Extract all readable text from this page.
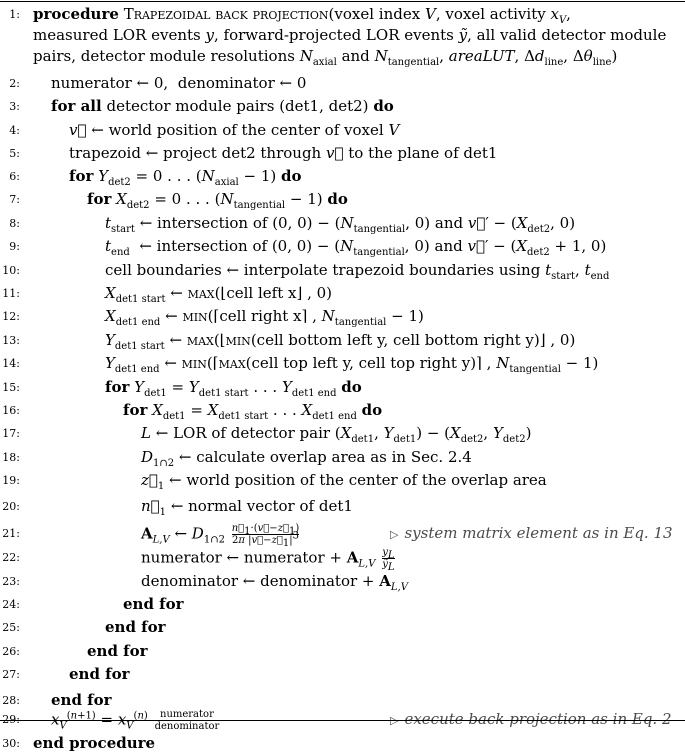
1: procedure Trapezoidal back projection(voxel index V, voxel activity $x_V$,
measured LOR events y, forward-projected LOR events ỹ, all valid detector module
pairs, detector module resolutions $N_{axial}$ and $N_{tangential}$, areaLUT, $\Delta d_{line}$, $\Delta\theta_{line}$)
2: numerator ← 0,  denominator ← 0
3: for all detector module pairs (det1, det2) do
4:	v⃗ ← world position of the center of voxel V
5:	trapezoid ← project det2 through v⃗ to the plane of det1
6:	for $Y_{det2} = 0$ . . . $(N_{axial} - 1)$ do
7:	for $X_{det2} = 0$ . . . $(N_{tangential} - 1)$ do
8:	$t_{start}$ ← intersection of (0, $0) - (N_{tangential}$, 0) and v⃗′ − ($X_{det2}$, 0)
9:	$t_{end}$  ← intersection of (0, $0) - (N_{tangential}$, 0) and v⃗′ − ($X_{det2} + 1$, 0)
10:	cell boundaries ← interpolate trapezoid boundaries using $t_{start}$, $t_{end}$
11:	$X_{det1 start}$ ← max(⌊cell left x⌋ , 0)
12:	$X_{det1 end}$ ← min(⌈cell right x⌉ , $N_{tangential} - 1$)
13:	$Y_{det1 start}$ ← max(⌊min(cell bottom left y, cell bottom right y)⌋ , 0)
14:	$Y_{det1 end}$ ← min(⌈max(cell top left y, cell top right y)⌉ , $N_{tangential} - 1$)
15:	for $Y_{det1} = Y_{det1 start}$ . . . $Y_{det1 end}$ do
16:	for $X_{det1} = X_{det1 start}$ . . . $X_{det1 end}$ do
17:	L ← LOR of detector pair ($X_{det1}$, $Y_{det1}) - (X_{det2}$, $Y_{det2}$)
18:	$D_{1\cap 2}$ ← calculate overlap area as in Sec. 2.4
19:	$z⃗_1$ ← world position of the center of the overlap area
20:	$n⃗_1$ ← normal vector of det1
21:	$A_{L,V}$ ← $D_{1\cap 2} \frac{n⃗_1\cdot(v⃗-z⃗_1)}{2\pi |v⃗-z⃗_1|^3}$	▷ system matrix element as in Eq. 13
22:	numerator ← numerator + $A_{L,V} \frac{y_L}{ỹ_L}$
23:	denominator ← denominator + $A_{L,V}$
24:	end for
25:	end for
26:	end for
27:	end for
28: end for
29: $x_V^{(n+1)} = x_V^{(n)} \frac{\text{numerator}}{\text{denominator}}$	▷ execute back projection as in Eq. 2
30: end procedure
